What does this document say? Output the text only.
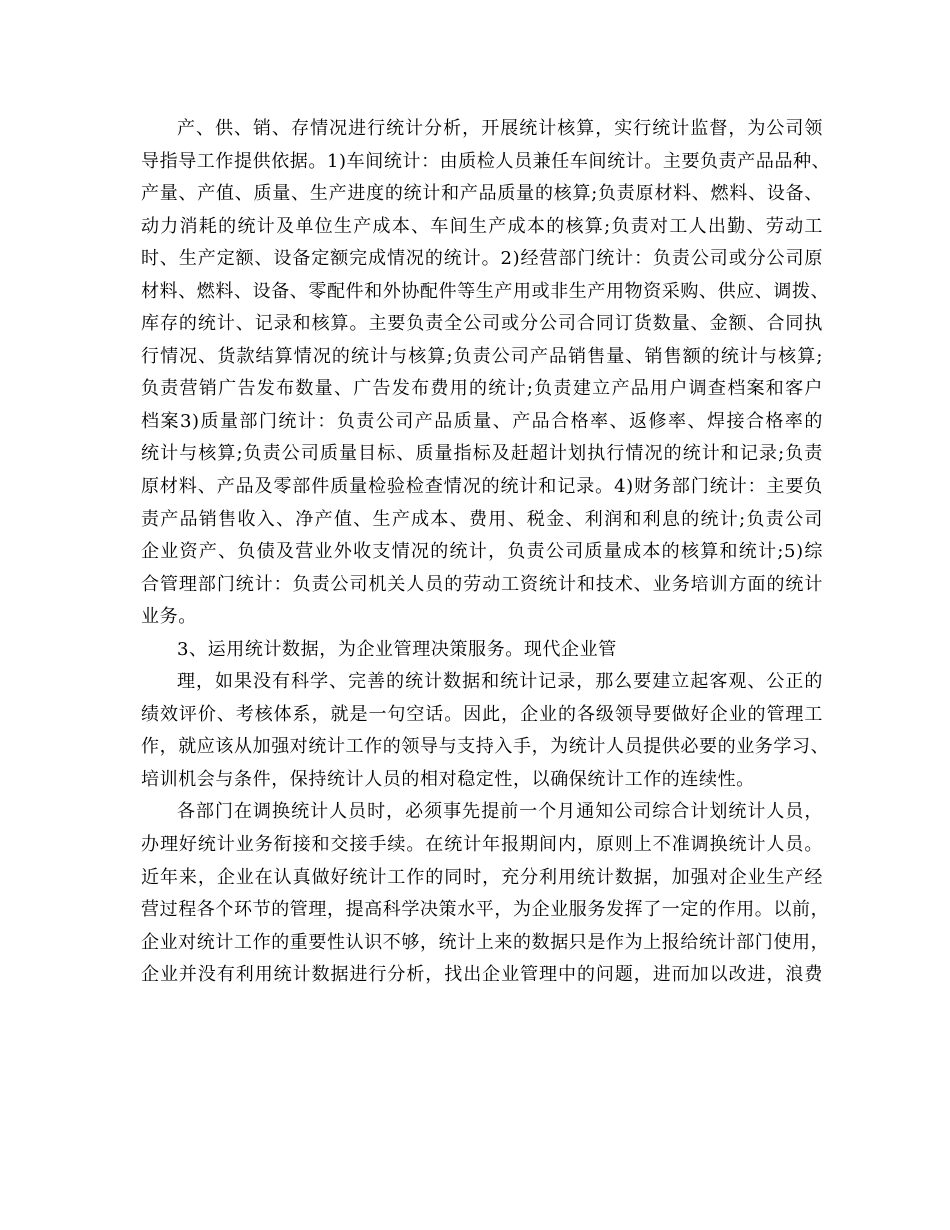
产、供、销、存情况进行统计分析，开展统计核算，实行统计监督，为公司领
导指导工作提供依据。1)车间统计：由质检人员兼任车间统计。主要负责产品品种、
产量、产值、质量、生产进度的统计和产品质量的核算;负责原材料、燃料、设备、
动力消耗的统计及单位生产成本、车间生产成本的核算;负责对工人出勤、劳动工
时、生产定额、设备定额完成情况的统计。2)经营部门统计：负责公司或分公司原
材料、燃料、设备、零配件和外协配件等生产用或非生产用物资采购、供应、调拨、
库存的统计、记录和核算。主要负责全公司或分公司合同订货数量、金额、合同执
行情况、货款结算情况的统计与核算;负责公司产品销售量、销售额的统计与核算;
负责营销广告发布数量、广告发布费用的统计;负责建立产品用户调查档案和客户
档案3)质量部门统计：负责公司产品质量、产品合格率、返修率、焊接合格率的
统计与核算;负责公司质量目标、质量指标及赶超计划执行情况的统计和记录;负责
原材料、产品及零部件质量检验检查情况的统计和记录。4)财务部门统计：主要负
责产品销售收入、净产值、生产成本、费用、税金、利润和利息的统计;负责公司
企业资产、负债及营业外收支情况的统计，负责公司质量成本的核算和统计;5)综
合管理部门统计：负责公司机关人员的劳动工资统计和技术、业务培训方面的统计
业务。
3、运用统计数据，为企业管理决策服务。现代企业管
理，如果没有科学、完善的统计数据和统计记录，那么要建立起客观、公正的
绩效评价、考核体系，就是一句空话。因此，企业的各级领导要做好企业的管理工
作，就应该从加强对统计工作的领导与支持入手，为统计人员提供必要的业务学习、
培训机会与条件，保持统计人员的相对稳定性，以确保统计工作的连续性。
各部门在调换统计人员时，必须事先提前一个月通知公司综合计划统计人员，
办理好统计业务衔接和交接手续。在统计年报期间内，原则上不准调换统计人员。
近年来，企业在认真做好统计工作的同时，充分利用统计数据，加强对企业生产经
营过程各个环节的管理，提高科学决策水平，为企业服务发挥了一定的作用。以前，
企业对统计工作的重要性认识不够，统计上来的数据只是作为上报给统计部门使用，
企业并没有利用统计数据进行分析，找出企业管理中的问题，进而加以改进，浪费
